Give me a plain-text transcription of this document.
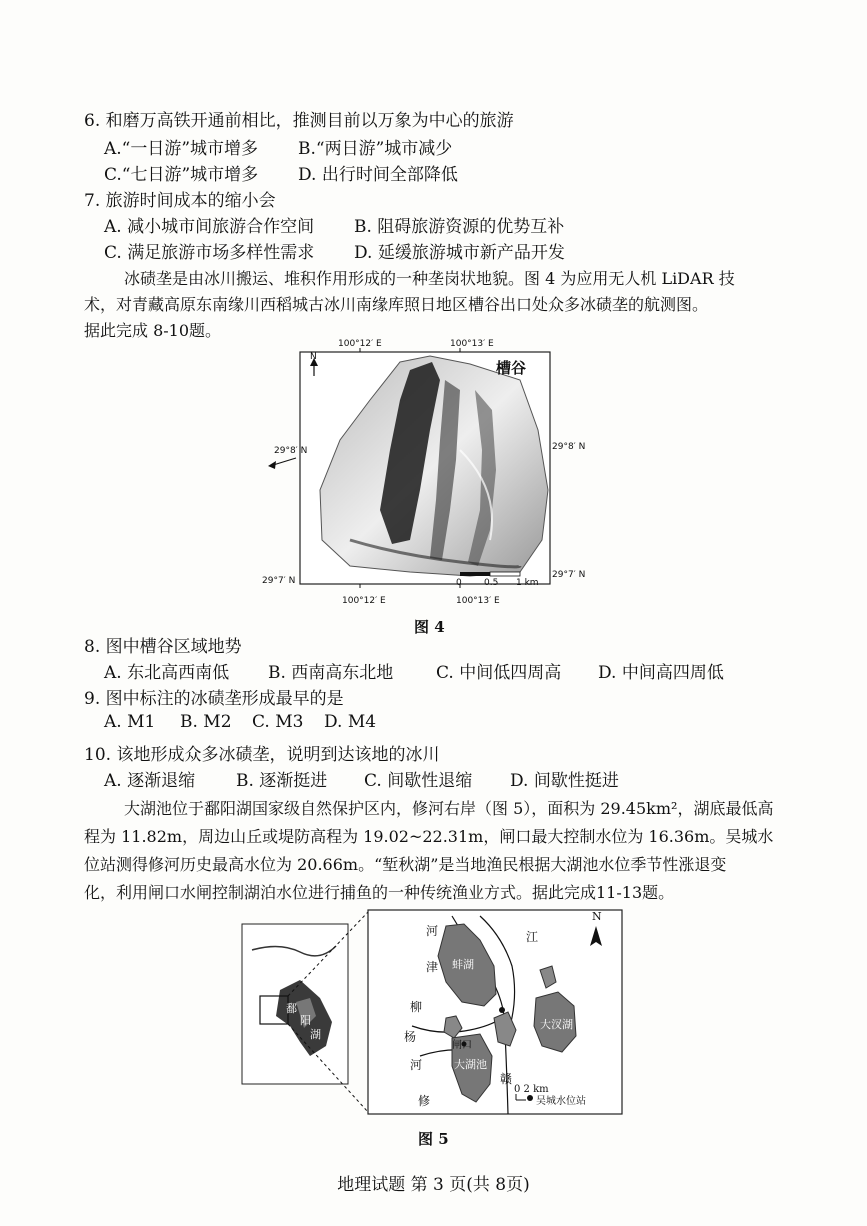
6. 和磨万高铁开通前相比，推测目前以万象为中心的旅游
A.“一日游”城市增多 B.“两日游”城市减少
C.“七日游”城市增多 D. 出行时间全部降低
7. 旅游时间成本的缩小会
A. 减小城市间旅游合作空间 B. 阻碍旅游资源的优势互补
C. 满足旅游市场多样性需求 D. 延缓旅游城市新产品开发
冰碛垄是由冰川搬运、堆积作用形成的一种垄岗状地貌。图 4 为应用无人机 LiDAR 技
术，对青藏高原东南缘川西稻城古冰川南缘库照日地区槽谷出口处众多冰碛垄的航测图。
据此完成 8-10题。
100°12′ E	100°13′ E
100°12′ E	100°13′ E
29°8′ N	29°8′ N
29°7′ N
29°7′ N
N
槽谷
0 0.5 1 km
图 4
8. 图中槽谷区域地势
A. 东北高西南低 B. 西南高东北地	C. 中间低四周高 D. 中间高四周低
9. 图中标注的冰碛垄形成最早的是
A. M1 B. M2 C. M3 D. M4
10. 该地形成众多冰碛垄，说明到达该地的冰川
A. 逐渐退缩 B. 逐渐挺进 C. 间歇性退缩 D. 间歇性挺进
大湖池位于鄱阳湖国家级自然保护区内，修河右岸（图 5），面积为 29.45km²，湖底最低高
程为 11.82m，周边山丘或堤防高程为 19.02~22.31m，闸口最大控制水位为 16.36m。吴城水
位站测得修河历史最高水位为 20.66m。“堑秋湖”是当地渔民根据大湖池水位季节性涨退变
化，利用闸口水闸控制湖泊水位进行捕鱼的一种传统渔业方式。据此完成11-13题。
鄱
阳
湖
河
津
柳
杨
河
修
江
赣
蚌湖
大汊湖
大湖池
闸口
N
0 2 km
吴城水位站
图 5
地理试题 第 3 页(共 8页)
